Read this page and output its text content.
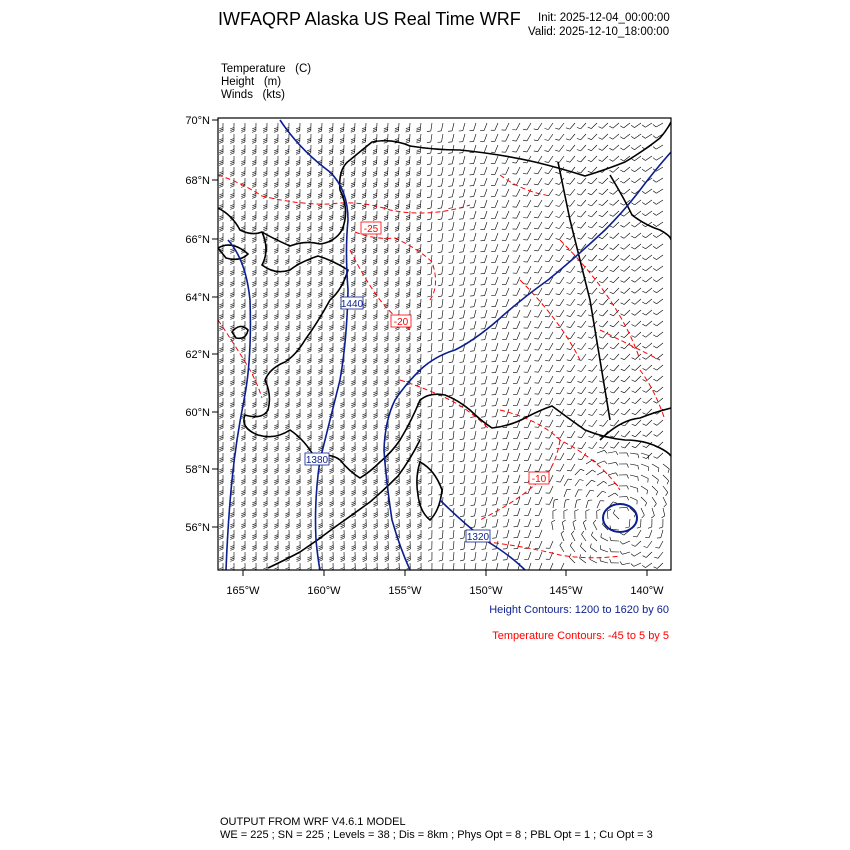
IWFAQRP Alaska US Real Time WRF Init: 2025-12-04_00:00:00
Valid: 2025-12-10_18:00:00
Temperature (C)
Height (m)
Winds (kts)
1440
1380
1320
-25
-20
-10
70°N
68°N
66°N
64°N
62°N
60°N
58°N
56°N
165°W	160°W	155°W	150°W	145°W	140°W
Height Contours: 1200 to 1620 by 60
Temperature Contours: -45 to 5 by 5
OUTPUT FROM WRF V4.6.1 MODEL
WE = 225 ; SN = 225 ; Levels = 38 ; Dis = 8km ; Phys Opt = 8 ; PBL Opt = 1 ; Cu Opt = 3
